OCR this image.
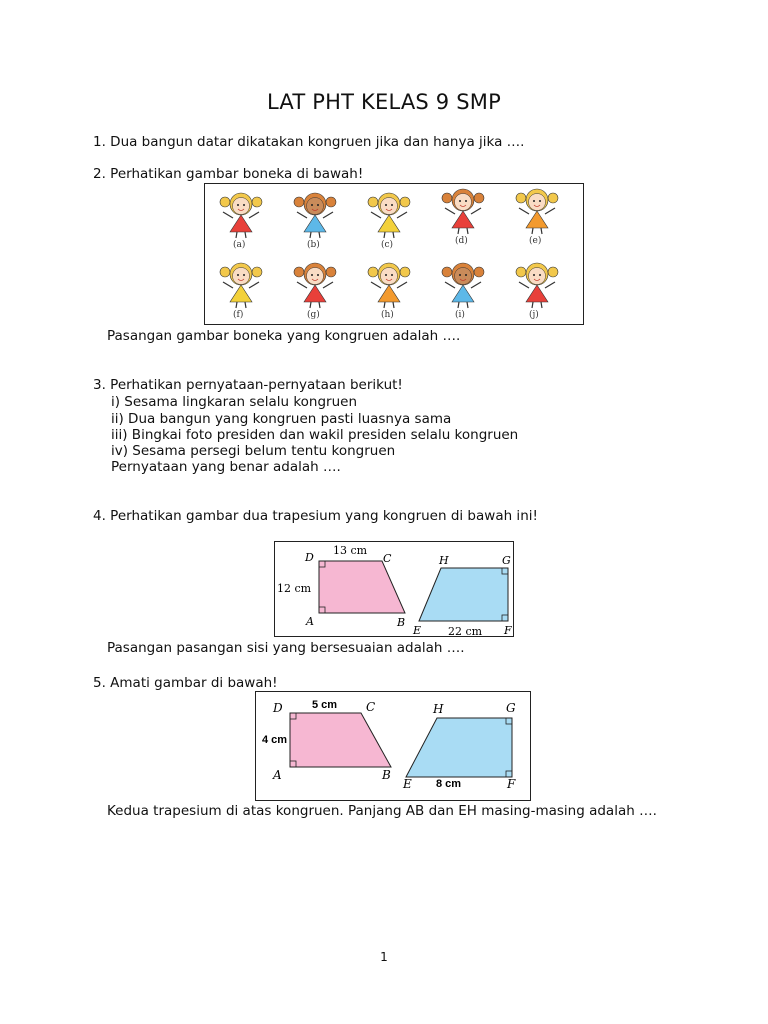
LAT PHT KELAS 9 SMP
1. Dua bangun datar dikatakan kongruen jika dan hanya jika ….
2. Perhatikan gambar boneka di bawah!
(a)	(b)	(c)	(d)	(e)
(f)	(g)	(h)	(i)	(j)
Pasangan gambar boneka yang kongruen adalah ….
3. Perhatikan pernyataan-pernyataan berikut!
i) Sesama lingkaran selalu kongruen
ii) Dua bangun yang kongruen pasti luasnya sama
iii) Bingkai foto presiden dan wakil presiden selalu kongruen
iv) Sesama persegi belum tentu kongruen
Pernyataan yang benar adalah ….
4. Perhatikan gambar dua trapesium yang kongruen di bawah ini!
D	C
A	B
13 cm
12 cm
H	G
E	F
22 cm
Pasangan pasangan sisi yang bersesuaian adalah ….
5. Amati gambar di bawah!
D	C
A	B
5 cm
4 cm
H	G
E	F
8 cm
Kedua trapesium di atas kongruen. Panjang AB dan EH masing-masing adalah ….
1
